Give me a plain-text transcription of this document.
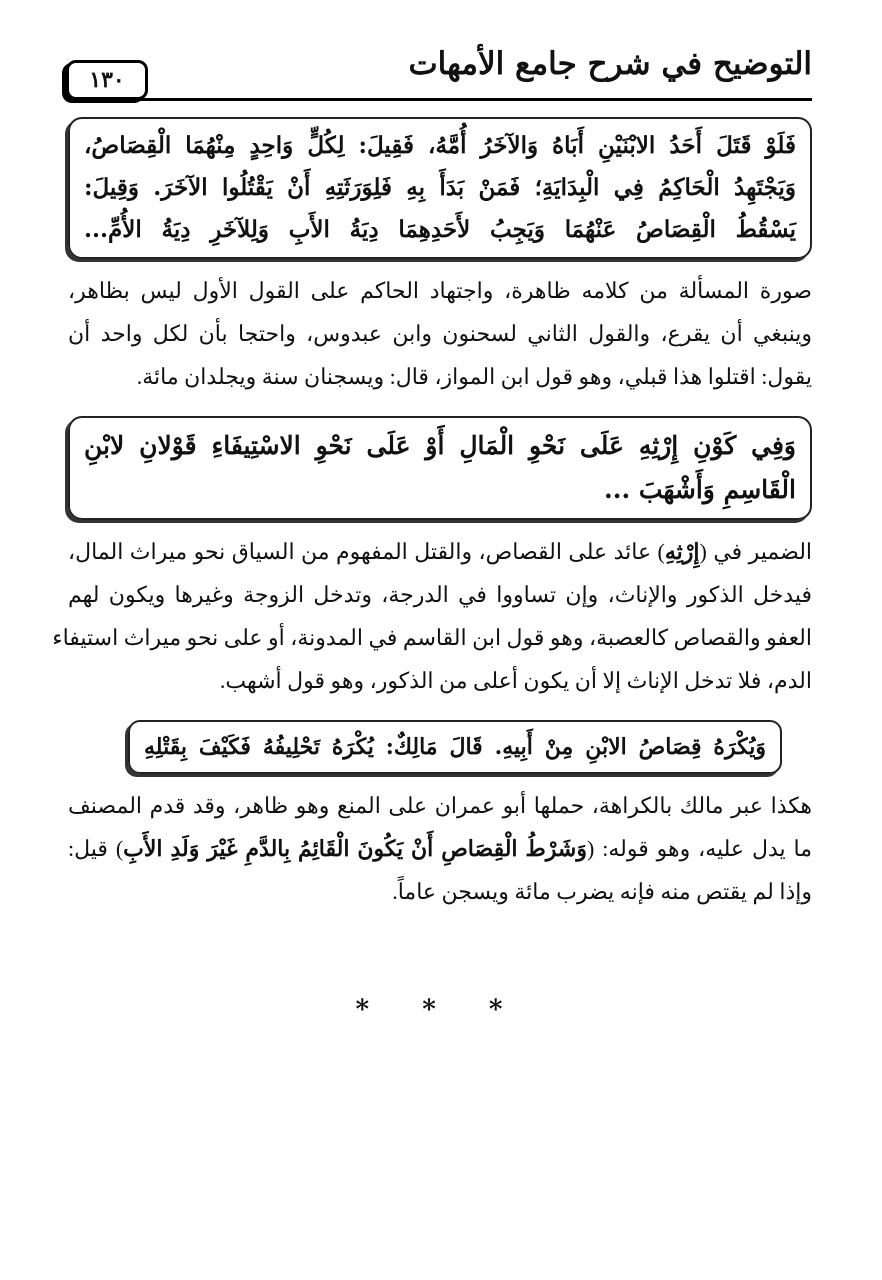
التوضيح في شرح جامع الأمهات
١٣٠
فَلَوْ قَتَلَ أَحَدُ الابْنَيْنِ أَبَاهُ وَالآخَرُ أُمَّهُ، فَقِيلَ: لِكُلٍّ وَاحِدٍ مِنْهُمَا الْقِصَاصُ،
وَيَجْتَهِدُ الْحَاكِمُ فِي الْبِدَايَةِ؛ فَمَنْ بَدَأَ بِهِ فَلِوَرَثَتِهِ أَنْ يَقْتُلُوا الآخَرَ. وَقِيلَ:
يَسْقُطُ الْقِصَاصُ عَنْهُمَا وَيَجِبُ لأَحَدِهِمَا دِيَةُ الأَبِ وَلِلآخَرِ دِيَةُ الأُمِّ...
صورة المسألة من كلامه ظاهرة، واجتهاد الحاكم على القول الأول ليس بظاهر،
وينبغي أن يقرع، والقول الثاني لسحنون وابن عبدوس، واحتجا بأن لكل واحد أن
يقول: اقتلوا هذا قبلي، وهو قول ابن المواز، قال: ويسجنان سنة ويجلدان مائة.
وَفِي كَوْنِ إِرْثِهِ عَلَى نَحْوِ الْمَالِ أَوْ عَلَى نَحْوِ الاسْتِيفَاءِ قَوْلانِ لابْنِ
الْقَاسِمِ وَأَشْهَبَ ...
الضمير في (إِرْثِهِ) عائد على القصاص، والقتل المفهوم من السياق نحو ميراث المال،
فيدخل الذكور والإناث، وإن تساووا في الدرجة، وتدخل الزوجة وغيرها ويكون لهم
العفو والقصاص كالعصبة، وهو قول ابن القاسم في المدونة، أو على نحو ميراث استيفاء
الدم، فلا تدخل الإناث إلا أن يكون أعلى من الذكور، وهو قول أشهب.
وَيُكْرَهُ قِصَاصُ الابْنِ مِنْ أَبِيهِ. قَالَ مَالِكٌ: يُكْرَهُ تَحْلِيفُهُ فَكَيْفَ بِقَتْلِهِ
هكذا عبر مالك بالكراهة، حملها أبو عمران على المنع وهو ظاهر، وقد قدم المصنف
ما يدل عليه، وهو قوله: (وَشَرْطُ الْقِصَاصِ أَنْ يَكُونَ الْقَائِمُ بِالدَّمِ غَيْرَ وَلَدِ الأَبِ) قيل:
وإذا لم يقتص منه فإنه يضرب مائة ويسجن عاماً.
* * *
